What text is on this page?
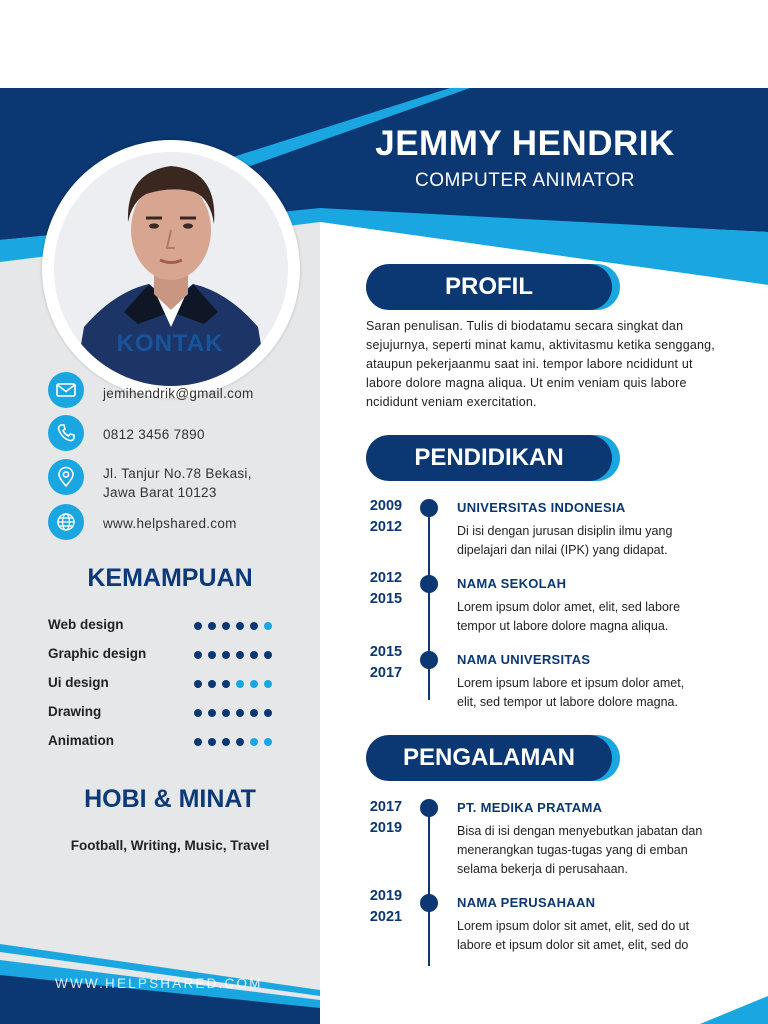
JEMMY HENDRIK
COMPUTER ANIMATOR
KONTAK
jemihendrik@gmail.com
0812 3456 7890
Jl. Tanjur No.78 Bekasi,
Jawa Barat 10123
www.helpshared.com
KEMAMPUAN
Web design
Graphic design
Ui design
Drawing
Animation
HOBI & MINAT
Football, Writing, Music, Travel
WWW.HELPSHARED.COM
PROFIL
Saran penulisan. Tulis di biodatamu secara singkat dan
sejujurnya, seperti minat kamu, aktivitasmu ketika senggang,
ataupun pekerjaanmu saat ini. tempor labore ncididunt ut
labore dolore magna aliqua. Ut enim veniam quis labore
ncididunt veniam exercitation.
PENDIDIKAN
2009
2012
UNIVERSITAS INDONESIA
Di isi dengan jurusan disiplin ilmu yang
dipelajari dan nilai (IPK) yang didapat.
2012
2015
NAMA SEKOLAH
Lorem ipsum dolor amet, elit, sed labore
tempor ut labore dolore magna aliqua.
2015
2017
NAMA UNIVERSITAS
Lorem ipsum labore et ipsum dolor amet,
elit, sed tempor ut labore dolore magna.
PENGALAMAN
2017
2019
PT. MEDIKA PRATAMA
Bisa di isi dengan menyebutkan jabatan dan
menerangkan tugas-tugas yang di emban
selama bekerja di perusahaan.
2019
2021
NAMA PERUSAHAAN
Lorem ipsum dolor sit amet, elit, sed do ut
labore et ipsum dolor sit amet, elit, sed do
